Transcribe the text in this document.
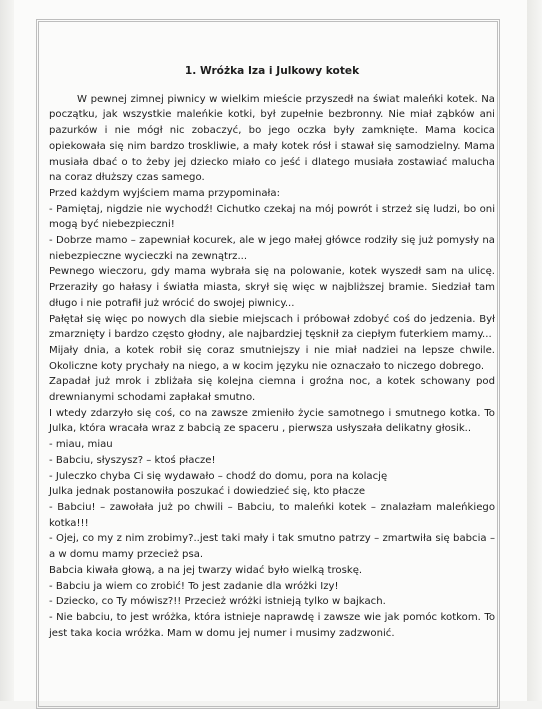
1. Wróżka Iza i Julkowy kotek

W pewnej zimnej piwnicy w wielkim mieście przyszedł na świat maleńki kotek. Na początku, jak wszystkie maleńkie kotki, był zupełnie bezbronny. Nie miał ząbków ani pazurków i nie mógł nic zobaczyć, bo jego oczka były zamknięte. Mama kocica opiekowała się nim bardzo troskliwie, a mały kotek rósł i stawał się samodzielny. Mama musiała dbać o to żeby jej dziecko miało co jeść i dlatego musiała zostawiać malucha na coraz dłuższy czas samego.

Przed każdym wyjściem mama przypominała:

- Pamiętaj, nigdzie nie wychodź! Cichutko czekaj na mój powrót i strzeż się ludzi, bo oni mogą być niebezpieczni!

- Dobrze mamo – zapewniał kocurek, ale w jego małej główce rodziły się już pomysły na niebezpieczne wycieczki na zewnątrz...

Pewnego wieczoru, gdy mama wybrała się na polowanie, kotek wyszedł sam na ulicę. Przeraziły go hałasy i światła miasta, skrył się więc w najbliższej bramie. Siedział tam długo i nie potrafił już wrócić do swojej piwnicy...

Pałętał się więc po nowych dla siebie miejscach i próbował zdobyć coś do jedzenia. Był zmarznięty i bardzo często głodny, ale najbardziej tęsknił za ciepłym futerkiem mamy...

Mijały dnia, a kotek robił się coraz smutniejszy i nie miał nadziei na lepsze chwile. Okoliczne koty prychały na niego, a w kocim języku nie oznaczało to niczego dobrego.

Zapadał już mrok i zbliżała się kolejna ciemna i groźna noc, a kotek schowany pod drewnianymi schodami zapłakał smutno.

I wtedy zdarzyło się coś, co na zawsze zmieniło życie samotnego i smutnego kotka. To Julka, która wracała wraz z babcią ze spaceru , pierwsza usłyszała delikatny głosik..

- miau, miau

- Babciu, słyszysz? – ktoś płacze!

- Juleczko chyba Ci się wydawało – chodź do domu, pora na kolację

Julka jednak postanowiła poszukać i dowiedzieć się, kto płacze

- Babciu! – zawołała już po chwili – Babciu, to maleńki kotek – znalazłam maleńkiego kotka!!!

- Ojej, co my z nim zrobimy?..jest taki mały i tak smutno patrzy – zmartwiła się babcia – a w domu mamy przecież psa.

Babcia kiwała głową, a na jej twarzy widać było wielką troskę.

- Babciu ja wiem co zrobić! To jest zadanie dla wróżki Izy!

- Dziecko, co Ty mówisz?!! Przecież wróżki istnieją tylko w bajkach.

- Nie babciu, to jest wróżka, która istnieje naprawdę i zawsze wie jak pomóc kotkom. To jest taka kocia wróżka. Mam w domu jej numer i musimy zadzwonić.
